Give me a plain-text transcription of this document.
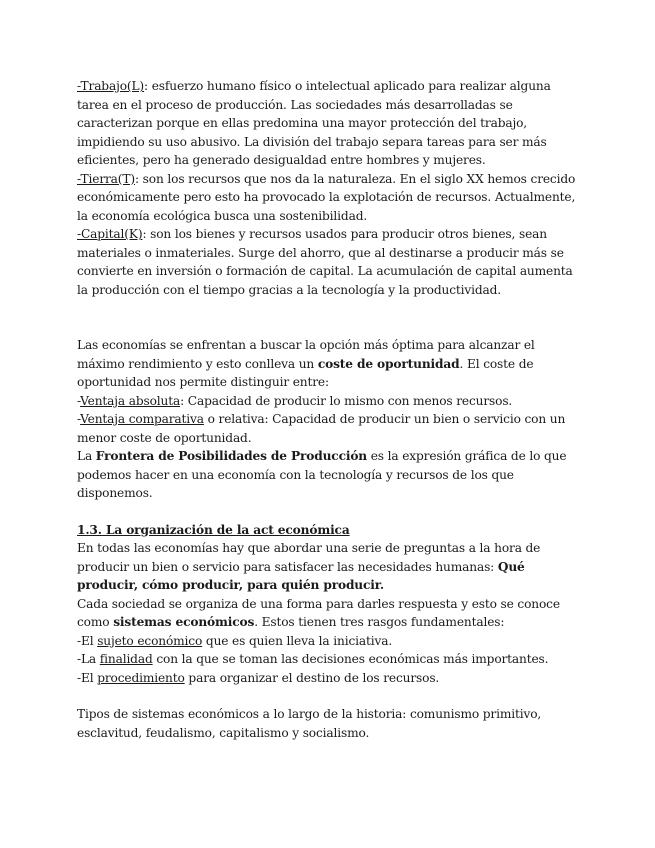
-Trabajo(L): esfuerzo humano físico o intelectual aplicado para realizar alguna tarea en el proceso de producción. Las sociedades más desarrolladas se caracterizan porque en ellas predomina una mayor protección del trabajo, impidiendo su uso abusivo. La división del trabajo separa tareas para ser más eficientes, pero ha generado desigualdad entre hombres y mujeres.

-Tierra(T): son los recursos que nos da la naturaleza. En el siglo XX hemos crecido económicamente pero esto ha provocado la explotación de recursos. Actualmente, la economía ecológica busca una sostenibilidad.

-Capital(K): son los bienes y recursos usados para producir otros bienes, sean materiales o inmateriales. Surge del ahorro, que al destinarse a producir más se convierte en inversión o formación de capital. La acumulación de capital aumenta la producción con el tiempo gracias a la tecnología y la productividad.

Las economías se enfrentan a buscar la opción más óptima para alcanzar el máximo rendimiento y esto conlleva un coste de oportunidad. El coste de oportunidad nos permite distinguir entre:

-Ventaja absoluta: Capacidad de producir lo mismo con menos recursos.

-Ventaja comparativa o relativa: Capacidad de producir un bien o servicio con un menor coste de oportunidad.

La Frontera de Posibilidades de Producción es la expresión gráfica de lo que podemos hacer en una economía con la tecnología y recursos de los que disponemos.

1.3. La organización de la act económica

En todas las economías hay que abordar una serie de preguntas a la hora de producir un bien o servicio para satisfacer las necesidades humanas: Qué producir, cómo producir, para quién producir.

Cada sociedad se organiza de una forma para darles respuesta y esto se conoce como sistemas económicos. Estos tienen tres rasgos fundamentales:

-El sujeto económico que es quien lleva la iniciativa.

-La finalidad con la que se toman las decisiones económicas más importantes.

-El procedimiento para organizar el destino de los recursos.

Tipos de sistemas económicos a lo largo de la historia: comunismo primitivo, esclavitud, feudalismo, capitalismo y socialismo.
